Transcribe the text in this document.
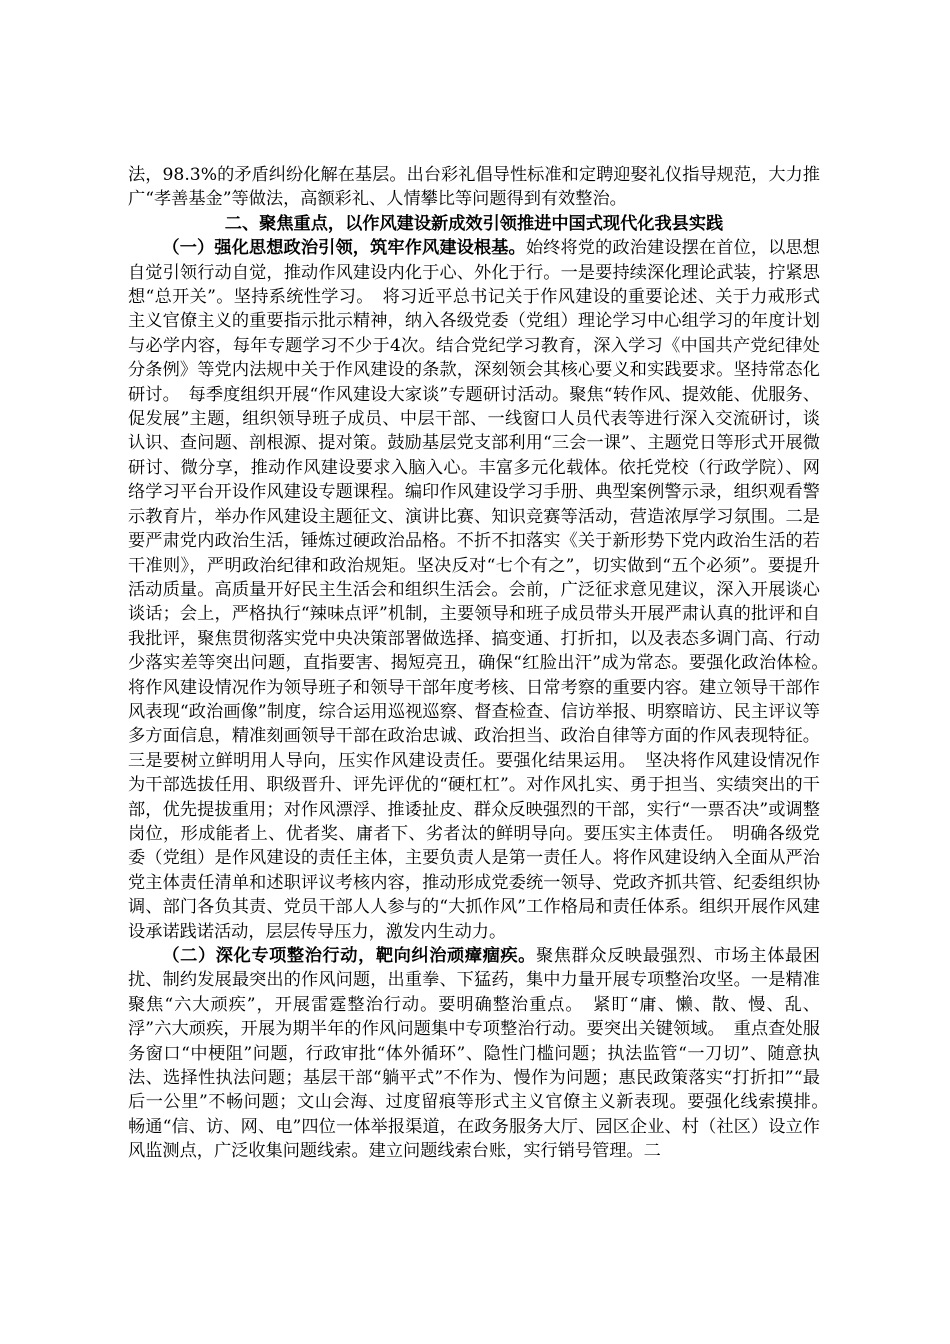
法，98.3%的矛盾纠纷化解在基层。出台彩礼倡导性标准和定聘迎娶礼仪指导规范，大力推广“孝善基金”等做法，高额彩礼、人情攀比等问题得到有效整治。

二、聚焦重点，以作风建设新成效引领推进中国式现代化我县实践

（一）强化思想政治引领，筑牢作风建设根基。始终将党的政治建设摆在首位，以思想自觉引领行动自觉，推动作风建设内化于心、外化于行。一是要持续深化理论武装，拧紧思想“总开关”。坚持系统性学习。　将习近平总书记关于作风建设的重要论述、关于力戒形式主义官僚主义的重要指示批示精神，纳入各级党委（党组）理论学习中心组学习的年度计划与必学内容，每年专题学习不少于4次。结合党纪学习教育，深入学习《中国共产党纪律处分条例》等党内法规中关于作风建设的条款，深刻领会其核心要义和实践要求。坚持常态化研讨。　每季度组织开展“作风建设大家谈”专题研讨活动。聚焦“转作风、提效能、优服务、促发展”主题，组织领导班子成员、中层干部、一线窗口人员代表等进行深入交流研讨，谈认识、查问题、剖根源、提对策。鼓励基层党支部利用“三会一课”、主题党日等形式开展微研讨、微分享，推动作风建设要求入脑入心。丰富多元化载体。依托党校（行政学院）、网络学习平台开设作风建设专题课程。编印作风建设学习手册、典型案例警示录，组织观看警示教育片，举办作风建设主题征文、演讲比赛、知识竞赛等活动，营造浓厚学习氛围。二是要严肃党内政治生活，锤炼过硬政治品格。不折不扣落实《关于新形势下党内政治生活的若干准则》，严明政治纪律和政治规矩。坚决反对“七个有之”，切实做到“五个必须”。要提升活动质量。高质量开好民主生活会和组织生活会。会前，广泛征求意见建议，深入开展谈心谈话；会上，严格执行“辣味点评”机制，主要领导和班子成员带头开展严肃认真的批评和自我批评，聚焦贯彻落实党中央决策部署做选择、搞变通、打折扣，以及表态多调门高、行动少落实差等突出问题，直指要害、揭短亮丑，确保“红脸出汗”成为常态。要强化政治体检。　将作风建设情况作为领导班子和领导干部年度考核、日常考察的重要内容。建立领导干部作风表现“政治画像”制度，综合运用巡视巡察、督查检查、信访举报、明察暗访、民主评议等多方面信息，精准刻画领导干部在政治忠诚、政治担当、政治自律等方面的作风表现特征。三是要树立鲜明用人导向，压实作风建设责任。要强化结果运用。　坚决将作风建设情况作为干部选拔任用、职级晋升、评先评优的“硬杠杠”。对作风扎实、勇于担当、实绩突出的干部，优先提拔重用；对作风漂浮、推诿扯皮、群众反映强烈的干部，实行“一票否决”或调整岗位，形成能者上、优者奖、庸者下、劣者汰的鲜明导向。要压实主体责任。　明确各级党委（党组）是作风建设的责任主体，主要负责人是第一责任人。将作风建设纳入全面从严治党主体责任清单和述职评议考核内容，推动形成党委统一领导、党政齐抓共管、纪委组织协调、部门各负其责、党员干部人人参与的“大抓作风”工作格局和责任体系。组织开展作风建设承诺践诺活动，层层传导压力，激发内生动力。

（二）深化专项整治行动，靶向纠治顽瘴痼疾。聚焦群众反映最强烈、市场主体最困扰、制约发展最突出的作风问题，出重拳、下猛药，集中力量开展专项整治攻坚。一是精准聚焦“六大顽疾”，开展雷霆整治行动。要明确整治重点。　紧盯“庸、懒、散、慢、乱、浮”六大顽疾，开展为期半年的作风问题集中专项整治行动。要突出关键领域。　重点查处服务窗口“中梗阻”问题，行政审批“体外循环”、隐性门槛问题；执法监管“一刀切”、随意执法、选择性执法问题；基层干部“躺平式”不作为、慢作为问题；惠民政策落实“打折扣”“最后一公里”不畅问题；文山会海、过度留痕等形式主义官僚主义新表现。要强化线索摸排。　畅通“信、访、网、电”四位一体举报渠道，在政务服务大厅、园区企业、村（社区）设立作风监测点，广泛收集问题线索。建立问题线索台账，实行销号管理。二
